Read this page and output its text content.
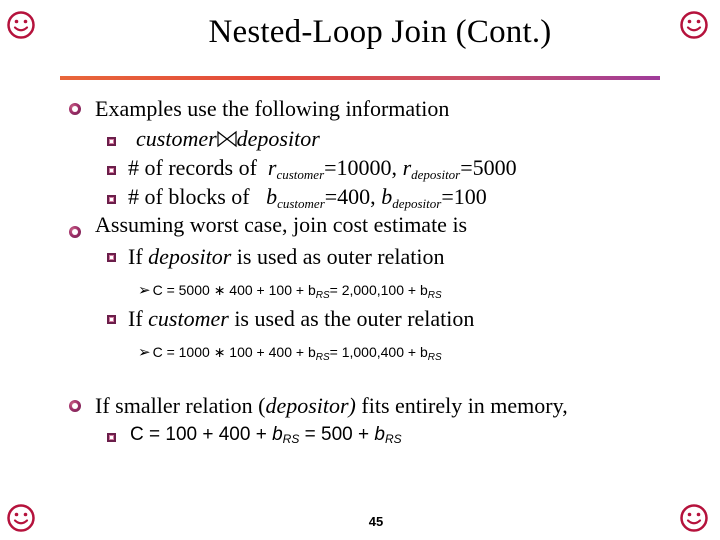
Nested-Loop Join (Cont.)
Examples use the following information
customer depositor
# of records of $r_{customer}=10000$, $r_{depositor}=5000$
# of blocks of $b_{customer}=400$, $b_{depositor}=100$
Assuming worst case, join cost estimate is
If depositor is used as outer relation
➢ C = 5000 ∗ $400 + 100 + b_{RS}= 2,000,100 + b_{RS}$
If customer is used as the outer relation
➢ C = 1000 ∗ $100 + 400 + b_{RS}= 1,000,400 + b_{RS}$
If smaller relation (depositor) fits entirely in memory,
$C = 100 + 400 + b_{RS} = 500 + b_{RS}$
45
